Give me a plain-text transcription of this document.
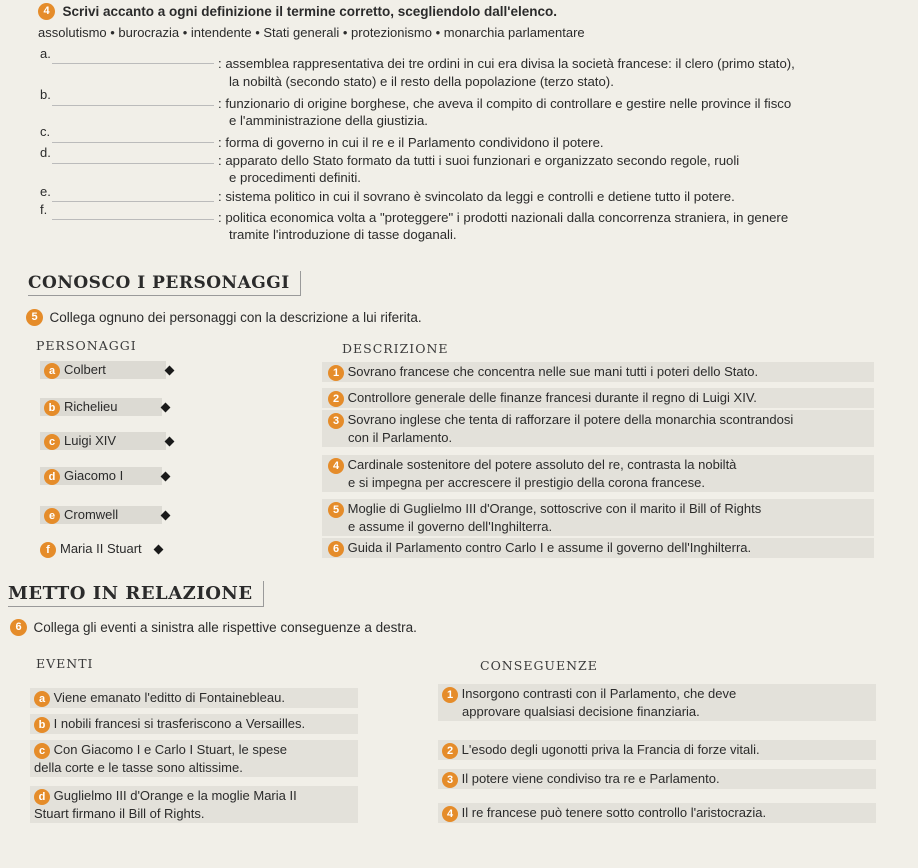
4 Scrivi accanto a ogni definizione il termine corretto, scegliendolo dall'elenco.
assolutismo • burocrazia • intendente • Stati generali • protezionismo • monarchia parlamentare
a.
: assemblea rappresentativa dei tre ordini in cui era divisa la società francese: il clero (primo stato),
la nobiltà (secondo stato) e il resto della popolazione (terzo stato).
b.
: funzionario di origine borghese, che aveva il compito di controllare e gestire nelle province il fisco
e l'amministrazione della giustizia.
c.
: forma di governo in cui il re e il Parlamento condividono il potere.
d.
: apparato dello Stato formato da tutti i suoi funzionari e organizzato secondo regole, ruoli
e procedimenti definiti.
e.	: sistema politico in cui il sovrano è svincolato da leggi e controlli e detiene tutto il potere.
f.
: politica economica volta a "proteggere" i prodotti nazionali dalla concorrenza straniera, in genere
tramite l'introduzione di tasse doganali.
CONOSCO I PERSONAGGI
5 Collega ognuno dei personaggi con la descrizione a lui riferita.
PERSONAGGI	DESCRIZIONE
a Colbert
b Richelieu
c Luigi XIV
d Giacomo I
e Cromwell
f Maria II Stuart
1 Sovrano francese che concentra nelle sue mani tutti i poteri dello Stato.
2 Controllore generale delle finanze francesi durante il regno di Luigi XIV.
3 Sovrano inglese che tenta di rafforzare il potere della monarchia scontrandosi
con il Parlamento.
4 Cardinale sostenitore del potere assoluto del re, contrasta la nobiltà
e si impegna per accrescere il prestigio della corona francese.
5 Moglie di Guglielmo III d'Orange, sottoscrive con il marito il Bill of Rights
e assume il governo dell'Inghilterra.
6 Guida il Parlamento contro Carlo I e assume il governo dell'Inghilterra.
METTO IN RELAZIONE
6 Collega gli eventi a sinistra alle rispettive conseguenze a destra.
EVENTI	CONSEGUENZE
a Viene emanato l'editto di Fontainebleau.
b I nobili francesi si trasferiscono a Versailles.
c Con Giacomo I e Carlo I Stuart, le spese
della corte e le tasse sono altissime.
d Guglielmo III d'Orange e la moglie Maria II
Stuart firmano il Bill of Rights.
1 Insorgono contrasti con il Parlamento, che deve
approvare qualsiasi decisione finanziaria.
2 L'esodo degli ugonotti priva la Francia di forze vitali.
3 Il potere viene condiviso tra re e Parlamento.
4 Il re francese può tenere sotto controllo l'aristocrazia.
